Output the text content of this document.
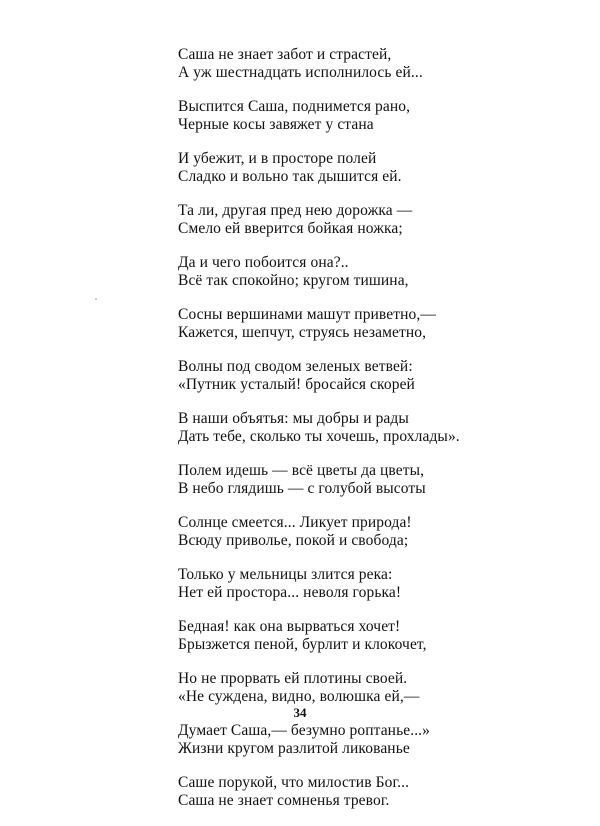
Саша не знает забот и страстей,
А уж шестнадцать исполнилось ей...
Выспится Саша, поднимется рано,
Черные косы завяжет у стана
И убежит, и в просторе полей
Сладко и вольно так дышится ей.
Та ли, другая пред нею дорожка —
Смело ей вверится бойкая ножка;
Да и чего побоится она?..
Всё так спокойно; кругом тишина,
Сосны вершинами машут приветно,—
Кажется, шепчут, струясь незаметно,
Волны под сводом зеленых ветвей:
«Путник усталый! бросайся скорей
В наши объятья: мы добры и рады
Дать тебе, сколько ты хочешь, прохлады».
Полем идешь — всё цветы да цветы,
В небо глядишь — с голубой высоты
Солнце смеется... Ликует природа!
Всюду приволье, покой и свобода;
Только у мельницы злится река:
Нет ей простора... неволя горька!
Бедная! как она вырваться хочет!
Брызжется пеной, бурлит и клокочет,
Но не прорвать ей плотины своей.
«Не суждена, видно, волюшка ей,—
Думает Саша,— безумно роптанье...»
Жизни кругом разлитой ликованье
Саше порукой, что милостив Бог...
Саша не знает сомненья тревог.
34
